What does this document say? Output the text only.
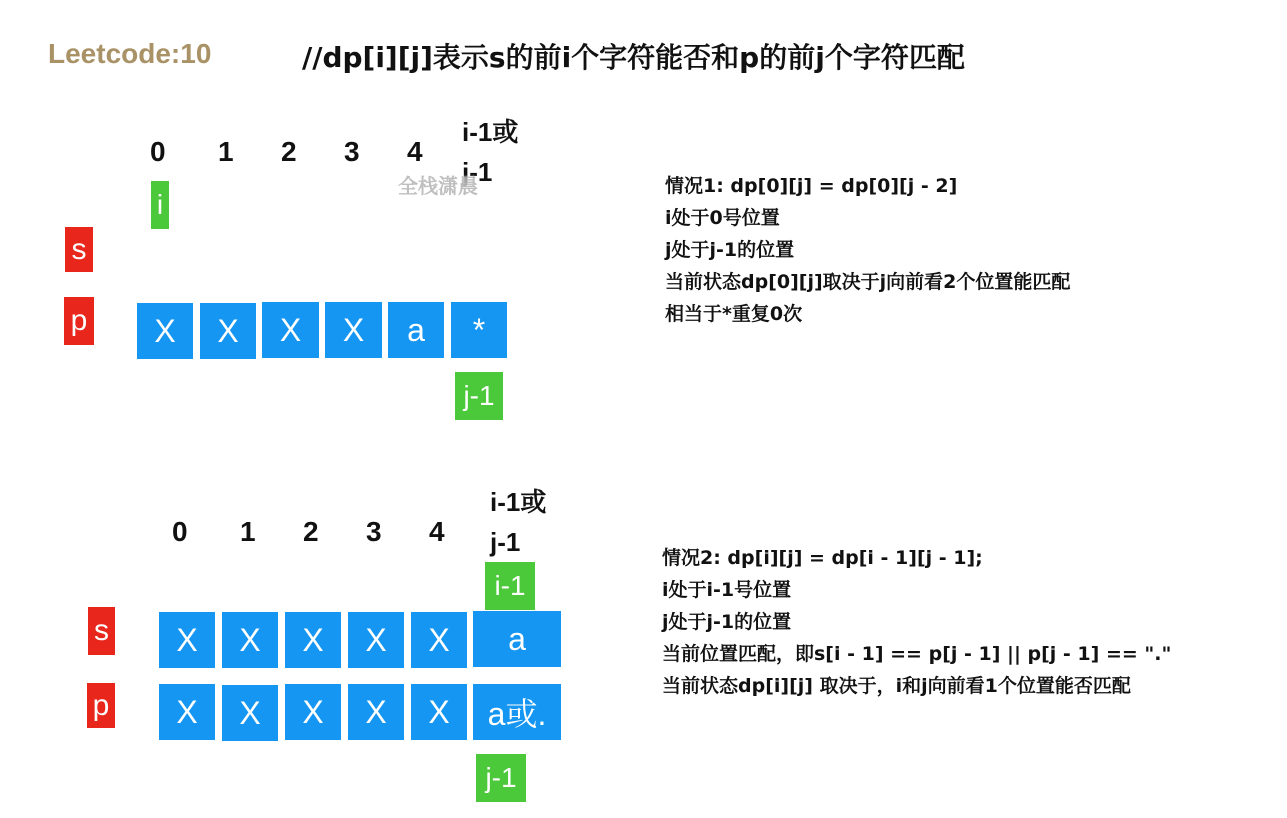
Leetcode:10	//dp[i][j]表示s的前i个字符能否和p的前j个字符匹配
0 1 2 3 4
i-1或
j-1
全栈潇晨
i
s
p	X	X	X	X	a	*
j-1
情况1: dp[0][j] = dp[0][j - 2]
i处于0号位置
j处于j-1的位置
当前状态dp[0][j]取决于j向前看2个位置能匹配
相当于*重复0次
0 1 2 3 4
i-1或
j-1
i-1
s
p
X	X	X	X	X	a
X	X	X	X	X	a或.
j-1
情况2: dp[i][j] = dp[i - 1][j - 1];
i处于i-1号位置
j处于j-1的位置
当前位置匹配，即s[i - 1] == p[j - 1] || p[j - 1] == "."
当前状态dp[i][j] 取决于，i和j向前看1个位置能否匹配
